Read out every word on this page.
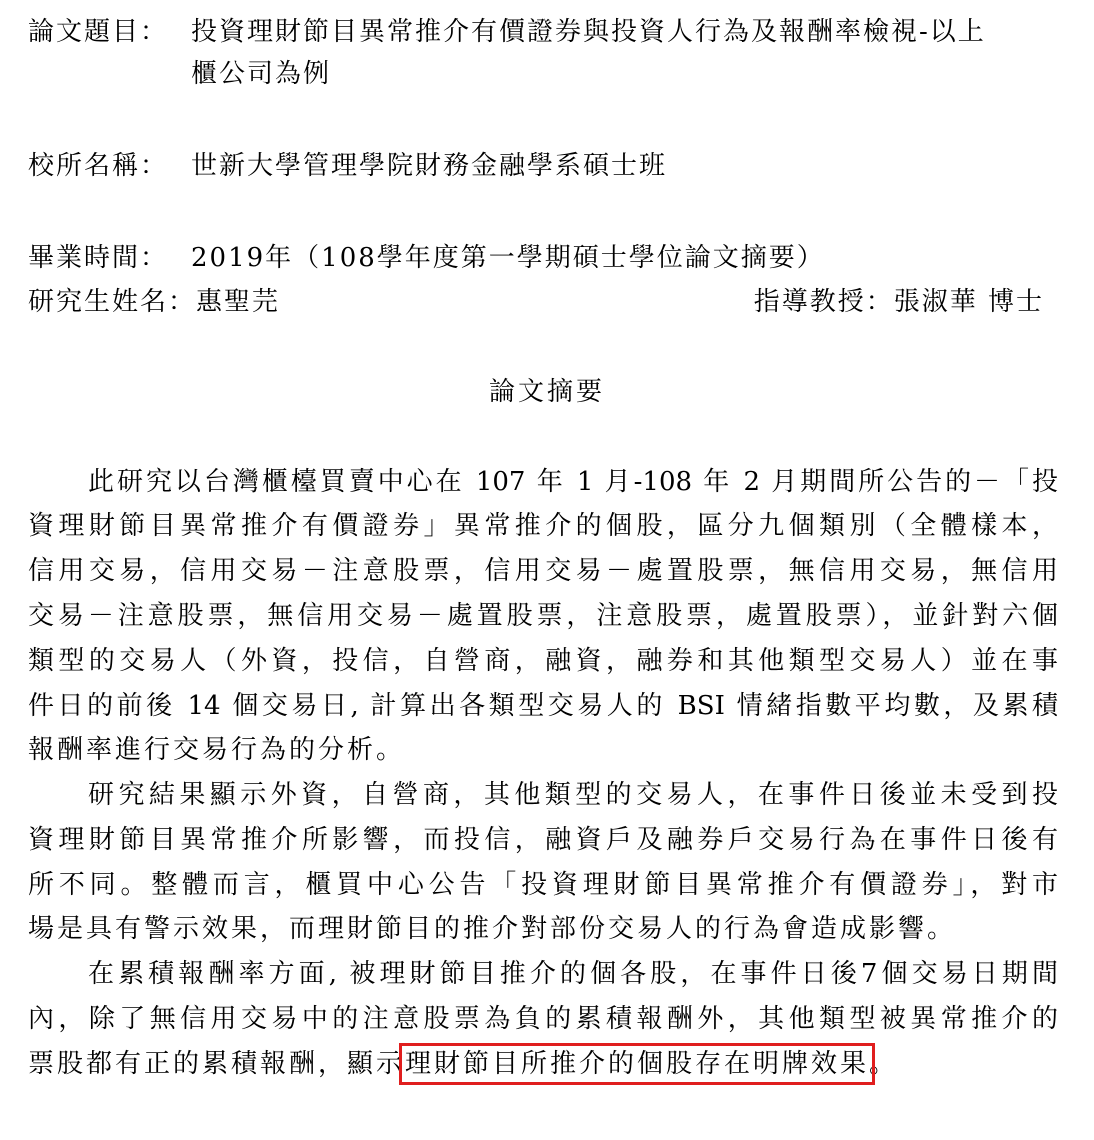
論文題目： 投資理財節目異常推介有價證券與投資人行為及報酬率檢視-以上
櫃公司為例
校所名稱： 世新大學管理學院財務金融學系碩士班
畢業時間： 2019年（108學年度第一學期碩士學位論文摘要）
研究生姓名：惠聖芫	指導教授：張淑華 博士
論文摘要
此研究以台灣櫃檯買賣中心在 107 年 1 月-108 年 2 月期間所公告的－「投
資理財節目異常推介有價證券」異常推介的個股，區分九個類別（全體樣本，
信用交易，信用交易－注意股票，信用交易－處置股票，無信用交易，無信用
交易－注意股票，無信用交易－處置股票，注意股票，處置股票），並針對六個
類型的交易人（外資，投信，自營商，融資，融券和其他類型交易人）並在事
件日的前後 14 個交易日, 計算出各類型交易人的 BSI 情緒指數平均數，及累積
報酬率進行交易行為的分析。
研究結果顯示外資，自營商，其他類型的交易人，在事件日後並未受到投
資理財節目異常推介所影響，而投信，融資戶及融券戶交易行為在事件日後有
所不同。整體而言，櫃買中心公告「投資理財節目異常推介有價證券」，對市
場是具有警示效果，而理財節目的推介對部份交易人的行為會造成影響。
在累積報酬率方面, 被理財節目推介的個各股，在事件日後7個交易日期間
內，除了無信用交易中的注意股票為負的累積報酬外，其他類型被異常推介的
票股都有正的累積報酬，顯示理財節目所推介的個股存在明牌效果。
